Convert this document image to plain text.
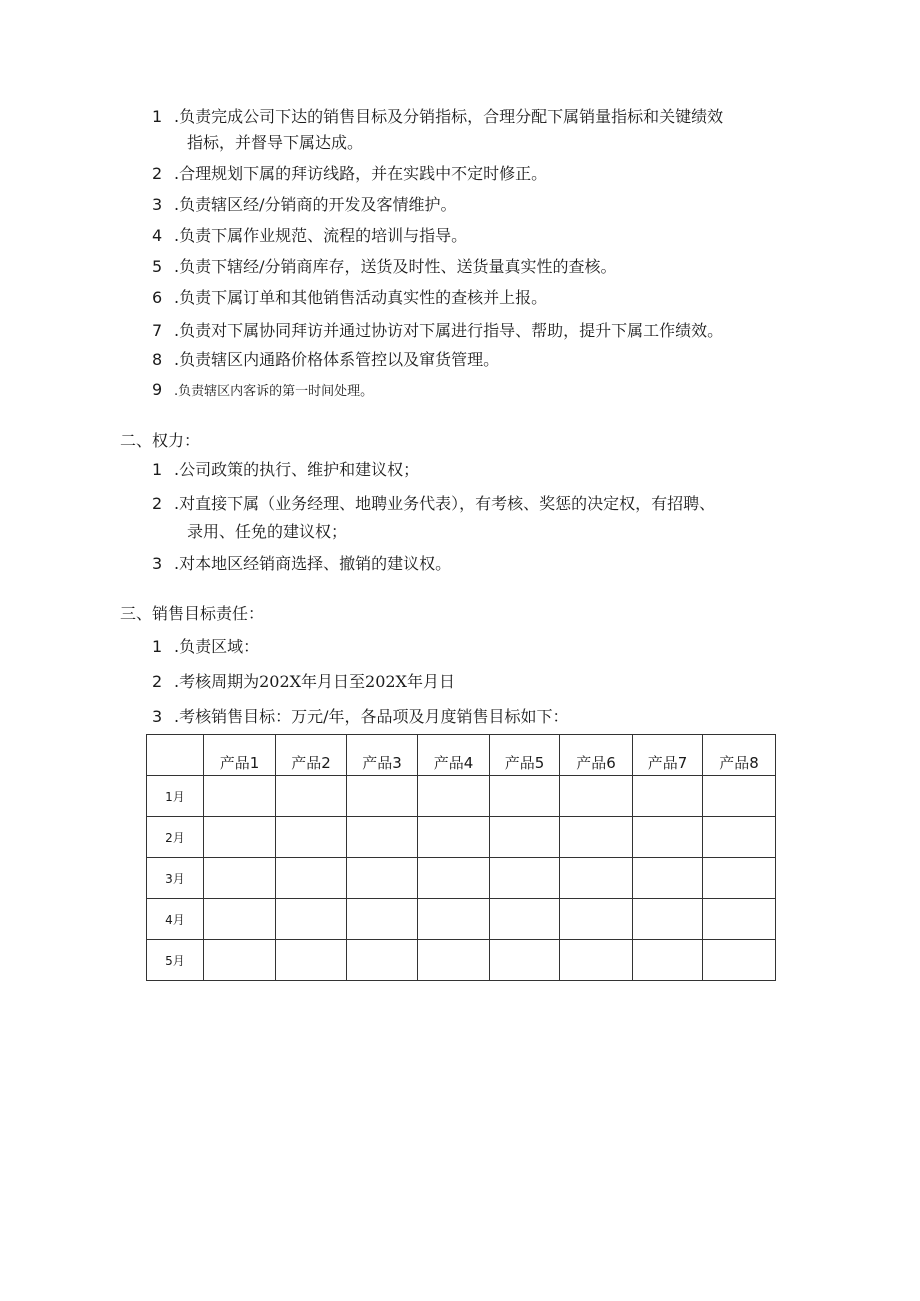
1 .负责完成公司下达的销售目标及分销指标，合理分配下属销量指标和关键绩效
指标，并督导下属达成。
2 .合理规划下属的拜访线路，并在实践中不定时修正。
3 .负责辖区经/分销商的开发及客情维护。
4 .负责下属作业规范、流程的培训与指导。
5 .负责下辖经/分销商库存，送货及时性、送货量真实性的查核。
6 .负责下属订单和其他销售活动真实性的查核并上报。
7 .负责对下属协同拜访并通过协访对下属进行指导、帮助，提升下属工作绩效。
8 .负责辖区内通路价格体系管控以及窜货管理。
9 .负责辖区内客诉的第一时间处理。
二、权力：
1 .公司政策的执行、维护和建议权；
2 .对直接下属（业务经理、地聘业务代表），有考核、奖惩的决定权，有招聘、
录用、任免的建议权；
3 .对本地区经销商选择、撤销的建议权。
三、销售目标责任：
1 .负责区域：
2 .考核周期为202X年月日至202X年月日
3 .考核销售目标：万元/年，各品项及月度销售目标如下：
	产品1	产品2	产品3	产品4	产品5	产品6	产品7	产品8
1月								
2月								
3月								
4月								
5月								
